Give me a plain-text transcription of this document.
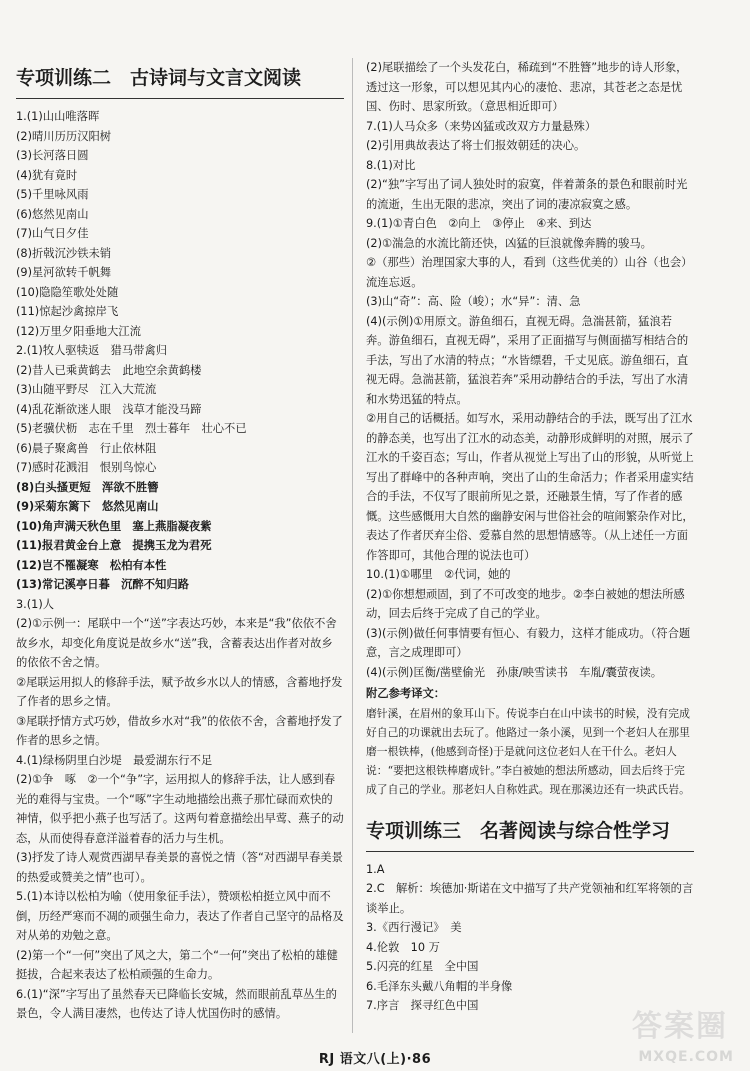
专项训练二　古诗词与文言文阅读

1.(1)山山唯落晖

(2)晴川历历汉阳树

(3)长河落日圆

(4)犹有竟时

(5)千里咏风雨

(6)悠然见南山

(7)山气日夕佳

(8)折戟沉沙铁未销

(9)星河欲转千帆舞

(10)隐隐笙歌处处随

(11)惊起沙禽掠岸飞

(12)万里夕阳垂地大江流

2.(1)牧人驱犊返　猎马带禽归

(2)昔人已乘黄鹤去　此地空余黄鹤楼

(3)山随平野尽　江入大荒流

(4)乱花渐欲迷人眼　浅草才能没马蹄

(5)老骥伏枥　志在千里　烈士暮年　壮心不已

(6)晨子聚禽兽　行止依林阻

(7)感时花溅泪　恨别鸟惊心

(8)白头搔更短　浑欲不胜簪

(9)采菊东篱下　悠然见南山

(10)角声满天秋色里　塞上燕脂凝夜紫

(11)报君黄金台上意　提携玉龙为君死

(12)岂不罹凝寒　松柏有本性

(13)常记溪亭日暮　沉醉不知归路

3.(1)人

(2)①示例一：尾联中一个“送”字表达巧妙，本来是“我”依依不舍故乡水，却变化角度说是故乡水“送”我，含蓄表达出作者对故乡的依依不舍之情。

②尾联运用拟人的修辞手法，赋予故乡水以人的情感，含蓄地抒发了作者的思乡之情。

③尾联抒情方式巧妙，借故乡水对“我”的依依不舍，含蓄地抒发了作者的思乡之情。

4.(1)绿杨阴里白沙堤　最爱湖东行不足

(2)①争　啄　②一个“争”字，运用拟人的修辞手法，让人感到春光的难得与宝贵。一个“啄”字生动地描绘出燕子那忙碌而欢快的神情，似乎把小燕子也写活了。这两句着意描绘出早莺、燕子的动态，从而使得春意洋溢着春的活力与生机。

(3)抒发了诗人观赏西湖早春美景的喜悦之情（答“对西湖早春美景的热爱或赞美之情”也可）。

5.(1)本诗以松柏为喻（使用象征手法），赞颂松柏挺立风中而不倒，历经严寒而不凋的顽强生命力，表达了作者自己坚守的品格及对从弟的劝勉之意。

(2)第一个“一何”突出了风之大，第二个“一何”突出了松柏的雄健挺拔，合起来表达了松柏顽强的生命力。

6.(1)“深”字写出了虽然春天已降临长安城，然而眼前乱草丛生的景色，令人满目凄然，也传达了诗人忧国伤时的感情。

(2)尾联描绘了一个头发花白，稀疏到“不胜簪”地步的诗人形象，透过这一形象，可以想见其内心的凄怆、悲凉，其苍老之态是忧国、伤时、思家所致。（意思相近即可）

7.(1)人马众多（来势凶猛或改双方力量悬殊）

(2)引用典故表达了将士们报效朝廷的决心。

8.(1)对比

(2)“独”字写出了词人独处时的寂寞，伴着萧条的景色和眼前时光的流逝，生出无限的悲凉，突出了词的凄凉寂寞之感。

9.(1)①青白色　②向上　③停止　④来、到达

(2)①湍急的水流比箭还快，凶猛的巨浪就像奔腾的骏马。

②（那些）治理国家大事的人，看到（这些优美的）山谷（也会）流连忘返。

(3)山“奇”：高、险（峻）；水“异”：清、急

(4)(示例)①用原文。游鱼细石，直视无碍。急湍甚箭，猛浪若奔。游鱼细石，直视无碍”，采用了正面描写与侧面描写相结合的手法，写出了水清的特点；“水皆缥碧，千丈见底。游鱼细石，直视无碍。急湍甚箭，猛浪若奔”采用动静结合的手法，写出了水清和水势迅猛的特点。

②用自己的话概括。如写水，采用动静结合的手法，既写出了江水的静态美，也写出了江水的动态美，动静形成鲜明的对照，展示了江水的千姿百态；写山，作者从视觉上写出了山的形貌，从听觉上写出了群峰中的各种声响，突出了山的生命活力；作者采用虚实结合的手法，不仅写了眼前所见之景，还融景生情，写了作者的感慨。这些感慨用大自然的幽静安闲与世俗社会的喧闹繁杂作对比，表达了作者厌弃尘俗、爱慕自然的思想情感等。（从上述任一方面作答即可，其他合理的说法也可）

10.(1)①哪里　②代词，她的

(2)①你想想顽固，到了不可改变的地步。②李白被她的想法所感动，回去后终于完成了自己的学业。

(3)(示例)做任何事情要有恒心、有毅力，这样才能成功。（符合题意，言之成理即可）

(4)(示例)匡衡/凿壁偷光　孙康/映雪读书　车胤/囊萤夜读。

附乙参考译文：

磨针溪，在眉州的象耳山下。传说李白在山中读书的时候，没有完成好自己的功课就出去玩了。他路过一条小溪，见到一个老妇人在那里磨一根铁棒，(他感到奇怪)于是就问这位老妇人在干什么。老妇人说：“要把这根铁棒磨成针。”李白被她的想法所感动，回去后终于完成了自己的学业。那老妇人自称姓武。现在那溪边还有一块武氏岩。

专项训练三　名著阅读与综合性学习

1.A

2.C　解析：埃德加·斯诺在文中描写了共产党领袖和红军将领的言谈举止。

3.《西行漫记》　美

4.伦敦　10 万

5.闪亮的红星　全中国

6.毛泽东头戴八角帽的半身像

7.序言　探寻红色中国

RJ 语文八(上)·86
答案圈
MXQE.COM
